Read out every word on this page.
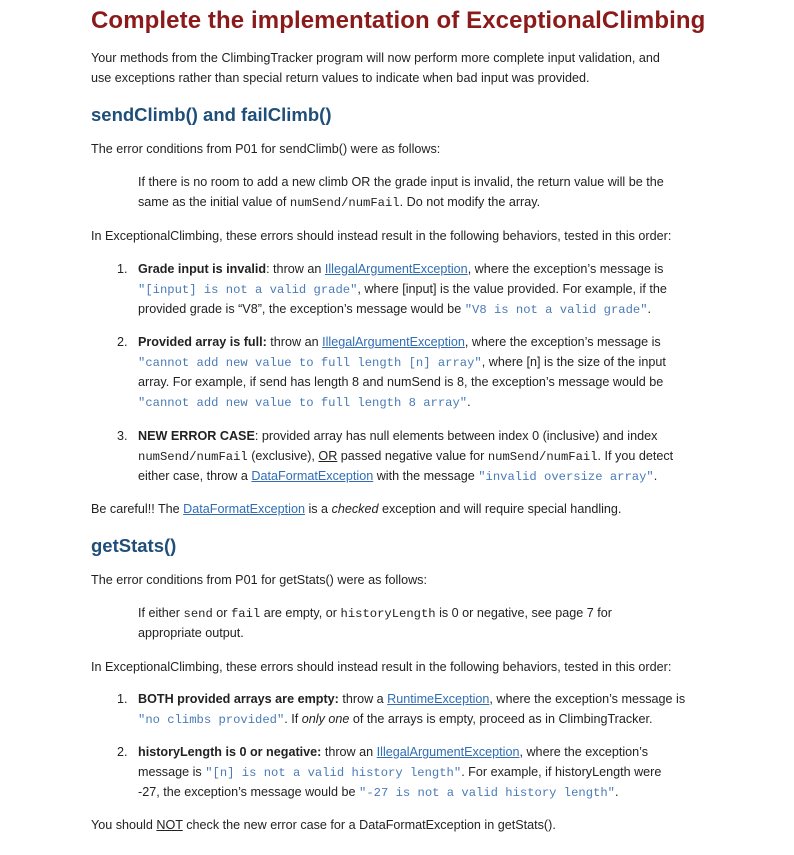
Complete the implementation of ExceptionalClimbing

Your methods from the ClimbingTracker program will now perform more complete input validation, and

use exceptions rather than special return values to indicate when bad input was provided.

sendClimb() and failClimb()

The error conditions from P01 for sendClimb() were as follows:

If there is no room to add a new climb OR the grade input is invalid, the return value will be the

same as the initial value of numSend/numFail. Do not modify the array.

In ExceptionalClimbing, these errors should instead result in the following behaviors, tested in this order:

1. Grade input is invalid: throw an IllegalArgumentException, where the exception’s message is

"[input] is not a valid grade", where [input] is the value provided. For example, if the

provided grade is “V8”, the exception’s message would be "V8 is not a valid grade".

2. Provided array is full: throw an IllegalArgumentException, where the exception’s message is

"cannot add new value to full length [n] array", where [n] is the size of the input

array. For example, if send has length 8 and numSend is 8, the exception’s message would be

"cannot add new value to full length 8 array".

3. NEW ERROR CASE: provided array has null elements between index 0 (inclusive) and index

numSend/numFail (exclusive), OR passed negative value for numSend/numFail. If you detect

either case, throw a DataFormatException with the message "invalid oversize array".

Be careful!! The DataFormatException is a checked exception and will require special handling.

getStats()

The error conditions from P01 for getStats() were as follows:

If either send or fail are empty, or historyLength is 0 or negative, see page 7 for

appropriate output.

In ExceptionalClimbing, these errors should instead result in the following behaviors, tested in this order:

1. BOTH provided arrays are empty: throw a RuntimeException, where the exception’s message is

"no climbs provided". If only one of the arrays is empty, proceed as in ClimbingTracker.

2. historyLength is 0 or negative: throw an IllegalArgumentException, where the exception’s

message is "[n] is not a valid history length". For example, if historyLength were

-27, the exception’s message would be "-27 is not a valid history length".

You should NOT check the new error case for a DataFormatException in getStats().
